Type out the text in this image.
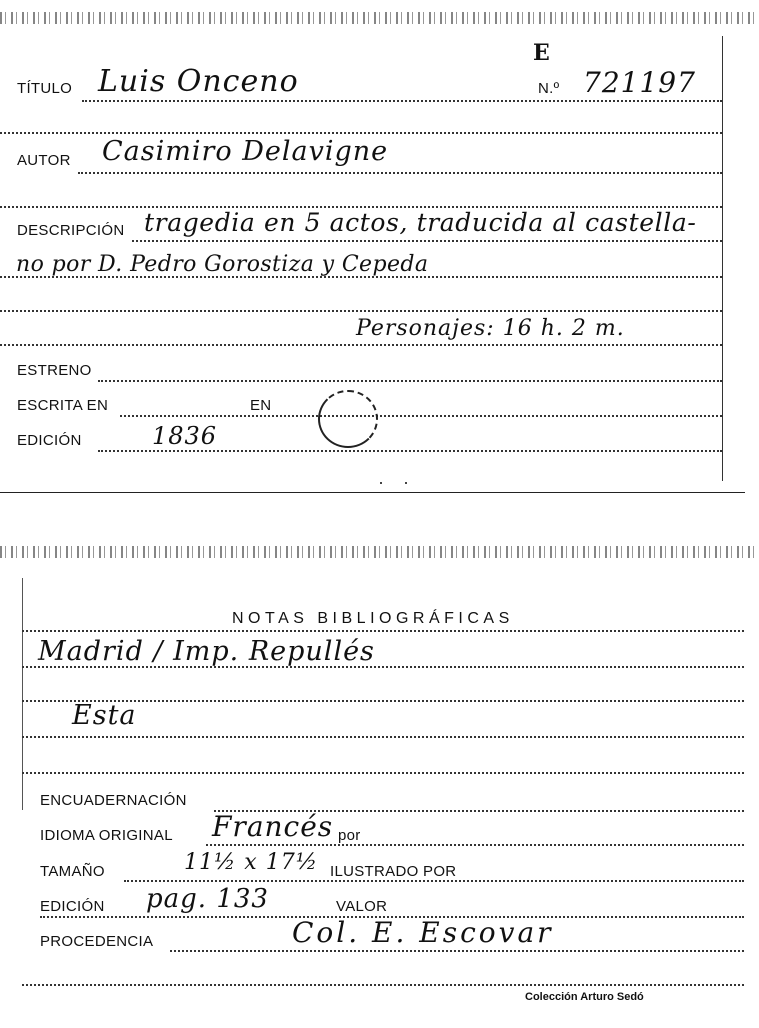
TÍTULO Luis Onceno
E
N.º 721197
AUTOR Casimiro Delavigne
DESCRIPCIÓN tragedia en 5 actos, traducida al castella-
no por D. Pedro Gorostiza y Cepeda
Personajes: 16 h. 2 m.
ESTRENO
ESCRITA EN	EN
EDICIÓN	1836
NOTAS BIBLIOGRÁFICAS
Madrid / Imp. Repullés
Esta
ENCUADERNACIÓN
IDIOMA ORIGINAL Francés por
TAMAÑO	11½ x 17½ ILUSTRADO POR
EDICIÓN pag. 133	VALOR
PROCEDENCIA	Col. E. Escovar
Colección Arturo Sedó
